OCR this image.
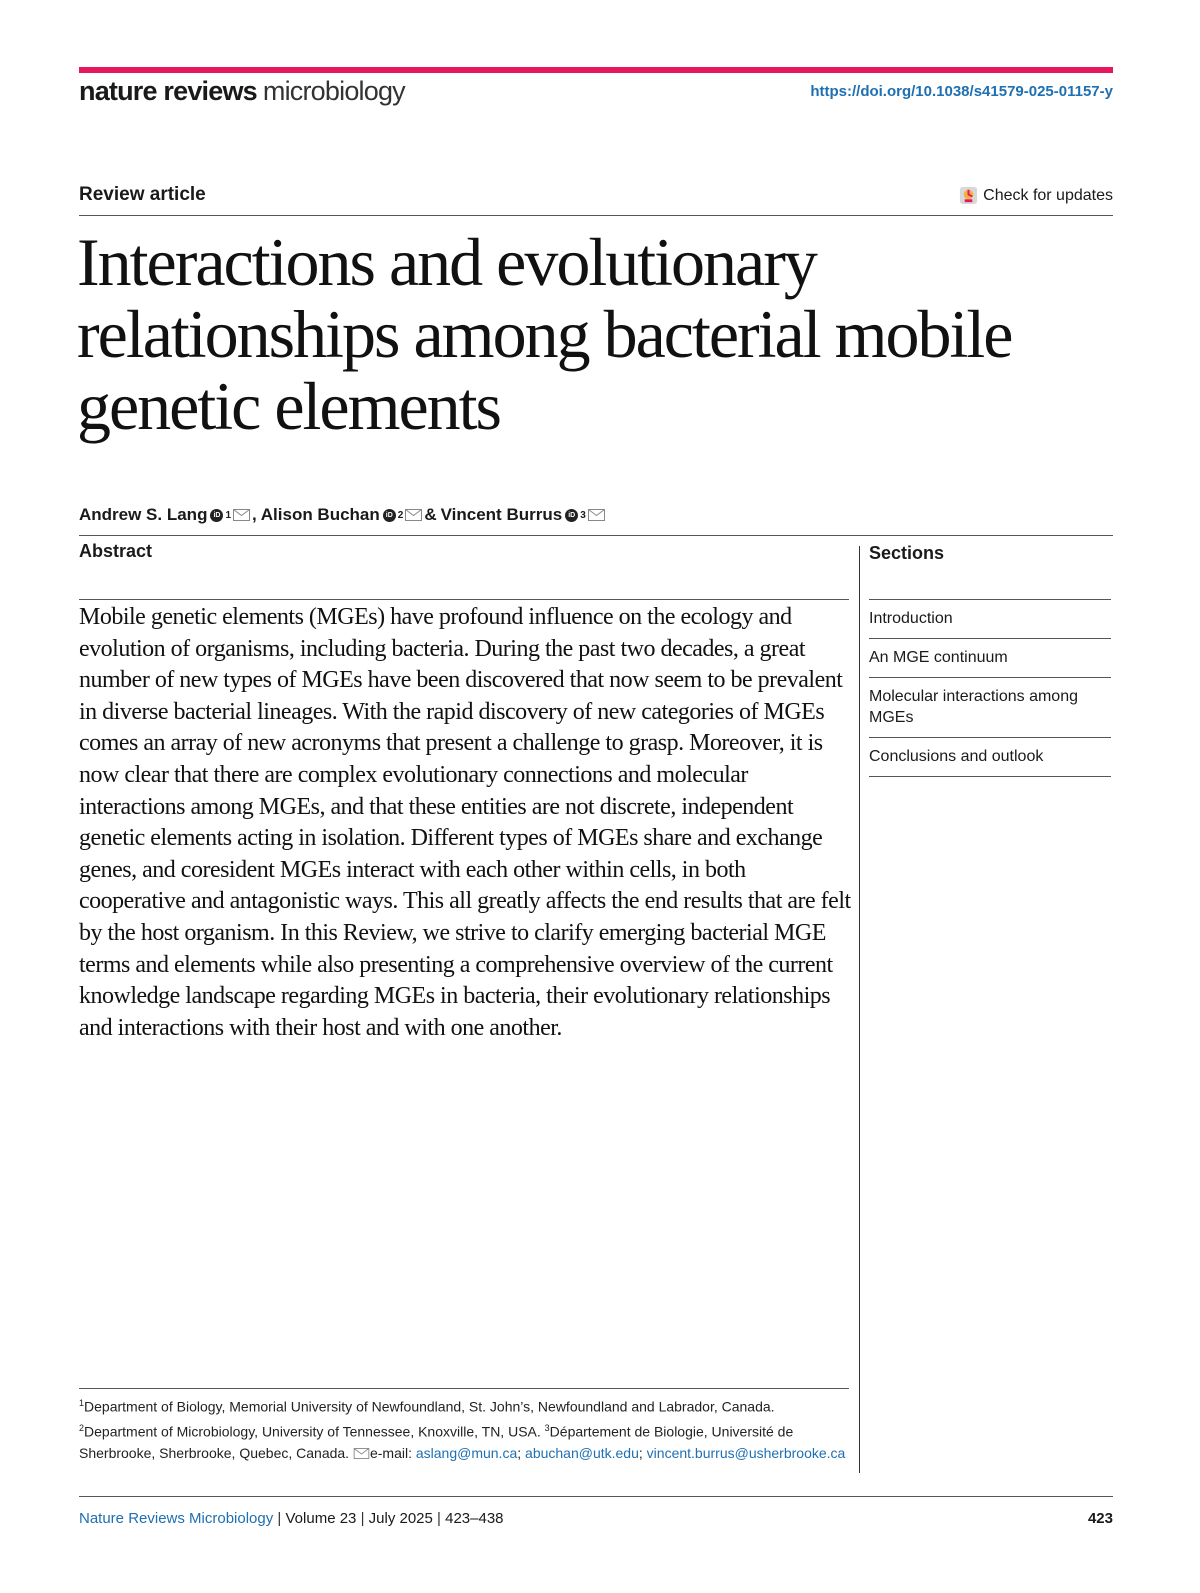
nature reviews microbiology	https://doi.org/10.1038/s41579-025-01157-y
Review article	Check for updates
Interactions and evolutionary relationships among bacterial mobile genetic elements
Andrew S. Lang iD 1 , Alison Buchan iD 2 & Vincent Burrus iD 3
Abstract

Mobile genetic elements (MGEs) have profound influence on the ecology and evolution of organisms, including bacteria. During the past two decades, a great number of new types of MGEs have been discovered that now seem to be prevalent in diverse bacterial lineages. With the rapid discovery of new categories of MGEs comes an array of new acronyms that present a challenge to grasp. Moreover, it is now clear that there are complex evolutionary connections and molecular interactions among MGEs, and that these entities are not discrete, independent genetic elements acting in isolation. Different types of MGEs share and exchange genes, and coresident MGEs interact with each other within cells, in both cooperative and antagonistic ways. This all greatly affects the end results that are felt by the host organism. In this Review, we strive to clarify emerging bacterial MGE terms and elements while also presenting a comprehensive overview of the current knowledge landscape regarding MGEs in bacteria, their evolutionary relationships and interactions with their host and with one another.

Sections
Introduction
An MGE continuum
Molecular interactions among MGEs
Conclusions and outlook

$^1$Department of Biology, Memorial University of Newfoundland, St. John’s, Newfoundland and Labrador, Canada. $^2$Department of Microbiology, University of Tennessee, Knoxville, TN, USA. $^3$Département de Biologie, Université de Sherbrooke, Sherbrooke, Quebec, Canada. e-mail: aslang@mun.ca; abuchan@utk.edu; vincent.burrus@usherbrooke.ca

Nature Reviews Microbiology | Volume 23 | July 2025 | 423–438	423
